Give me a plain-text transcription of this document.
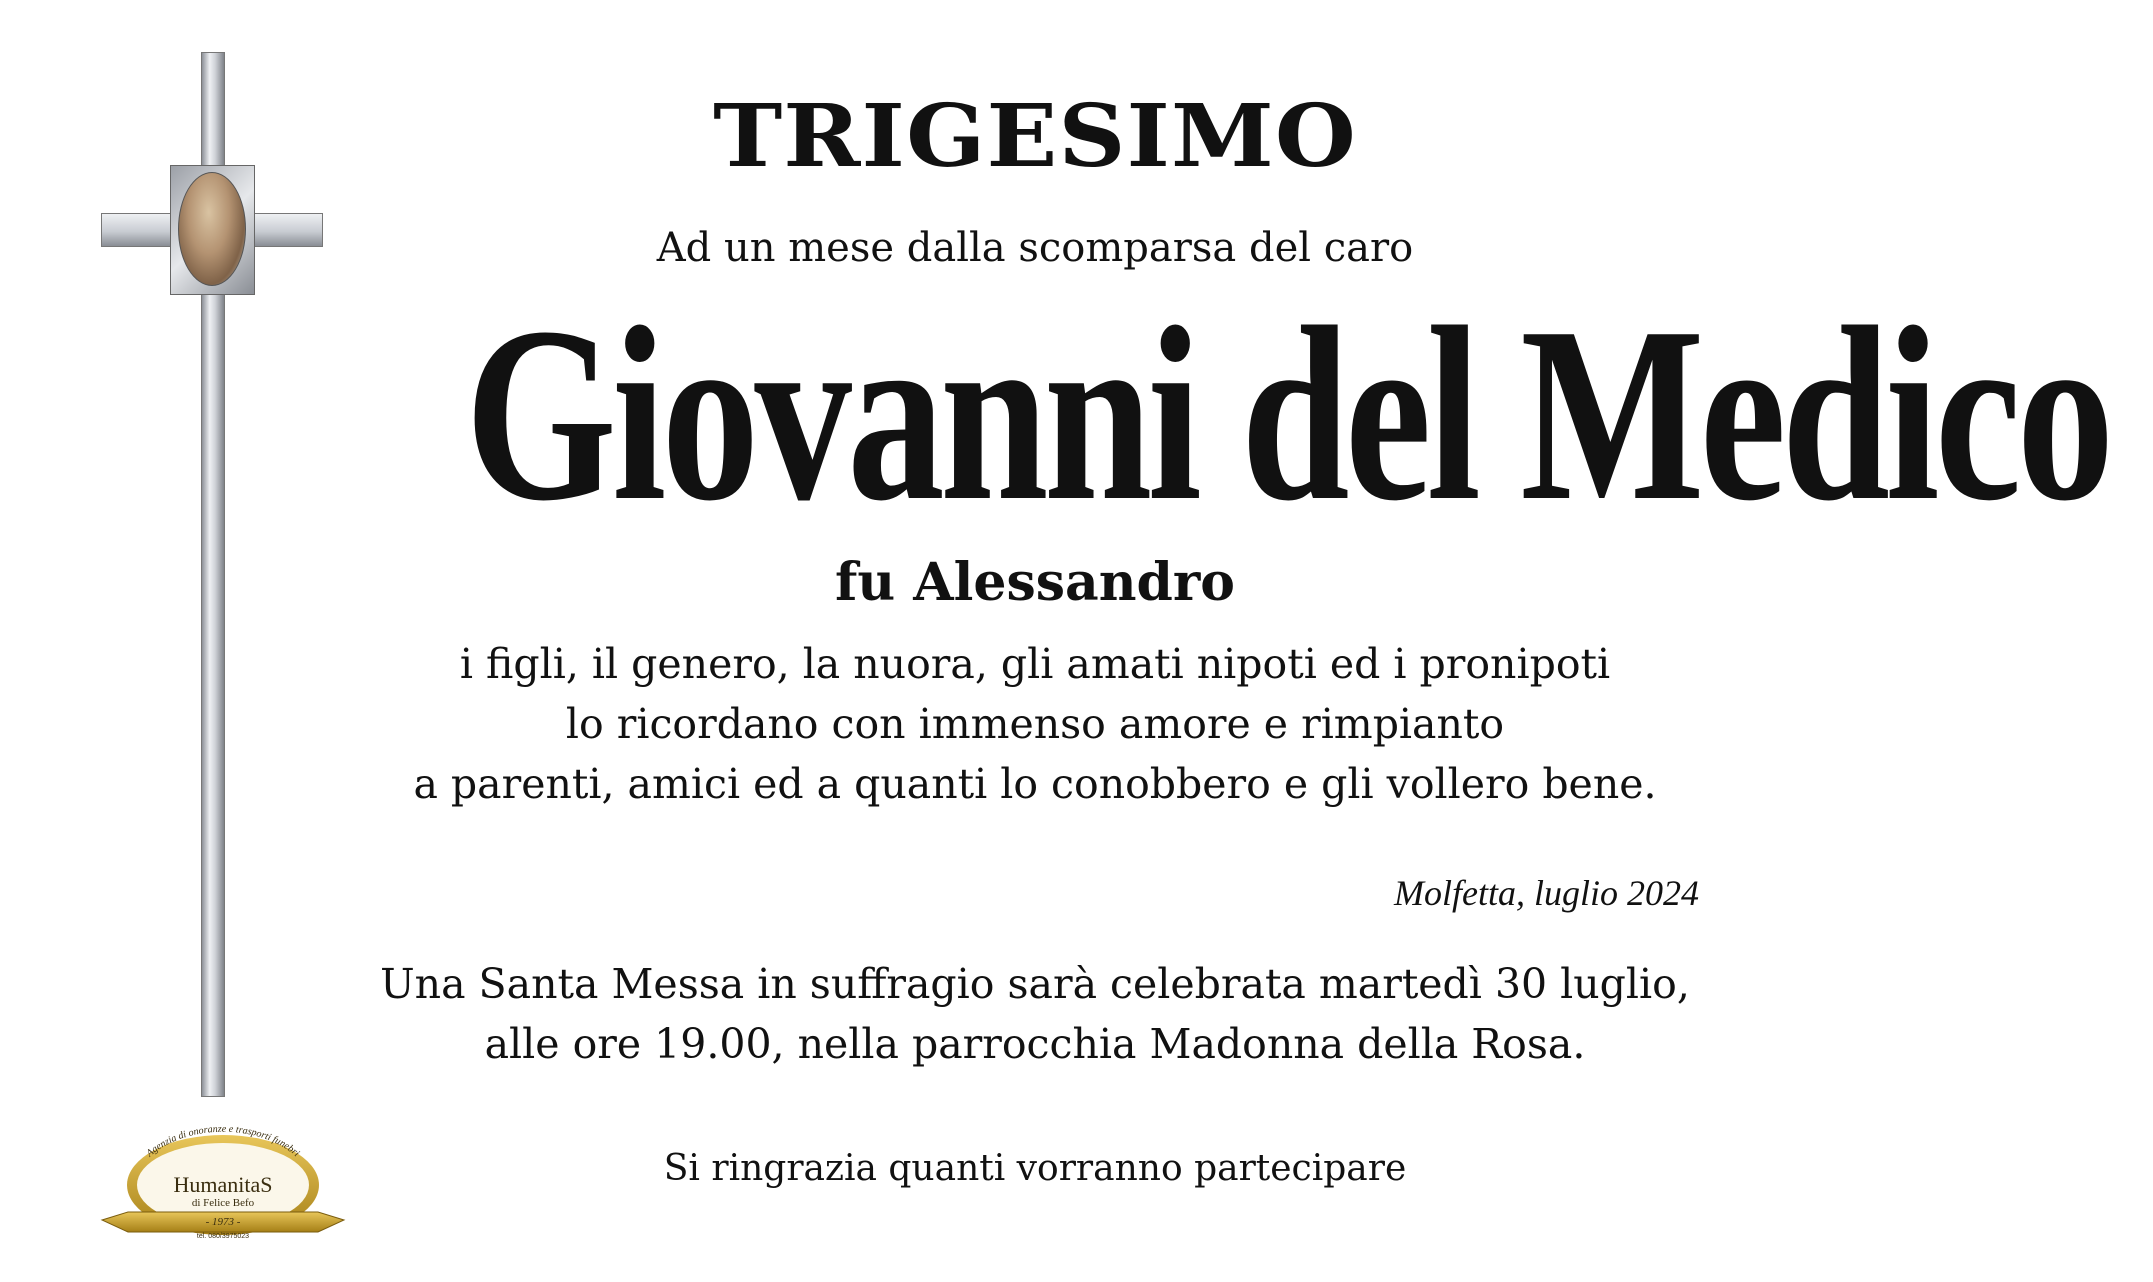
TRIGESIMO
Ad un mese dalla scomparsa del caro
Giovanni del Medico
fu Alessandro
i figli, il genero, la nuora, gli amati nipoti ed i pronipoti
lo ricordano con immenso amore e rimpianto
a parenti, amici ed a quanti lo conobbero e gli vollero bene.
Molfetta, luglio 2024
Una Santa Messa in suffragio sarà celebrata martedì 30 luglio,
alle ore 19.00, nella parrocchia Madonna della Rosa.
Si ringrazia quanti vorranno partecipare
Agenzia di onoranze e trasporti funebri
HumanitaS
di Felice Befo
- 1973 -
tel. 080/3975023
